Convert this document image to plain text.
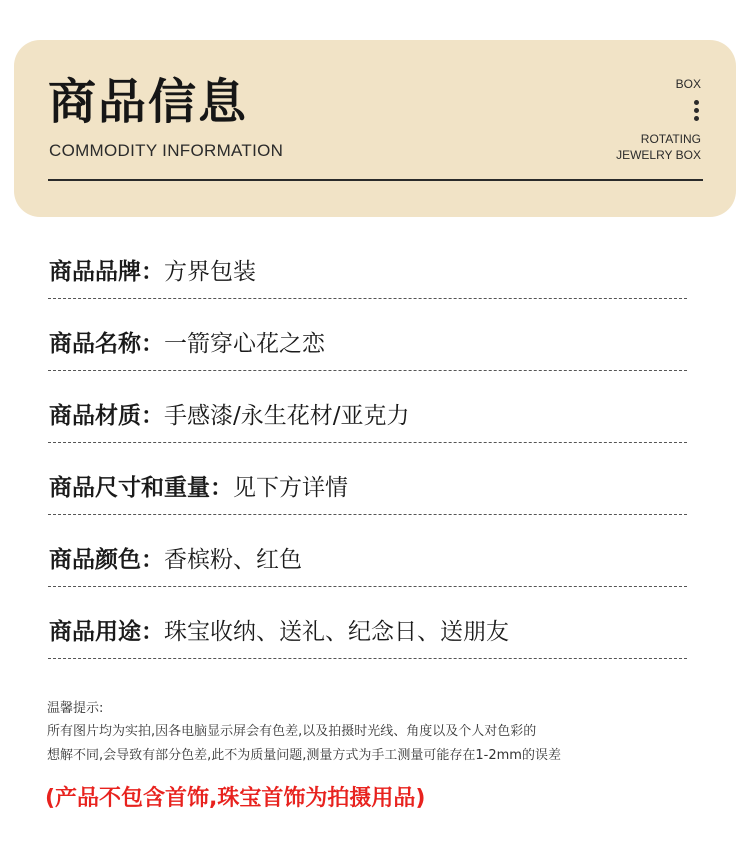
商品信息
COMMODITY INFORMATION
BOX
ROTATING
JEWELRY BOX
商品品牌：方界包装
商品名称：一箭穿心花之恋
商品材质：手感漆/永生花材/亚克力
商品尺寸和重量：见下方详情
商品颜色：香槟粉、红色
商品用途：珠宝收纳、送礼、纪念日、送朋友
温馨提示:

所有图片均为实拍,因各电脑显示屏会有色差,以及拍摄时光线、角度以及个人对色彩的

想解不同,会导致有部分色差,此不为质量问题,测量方式为手工测量可能存在1-2mm的误差

(产品不包含首饰,珠宝首饰为拍摄用品)
